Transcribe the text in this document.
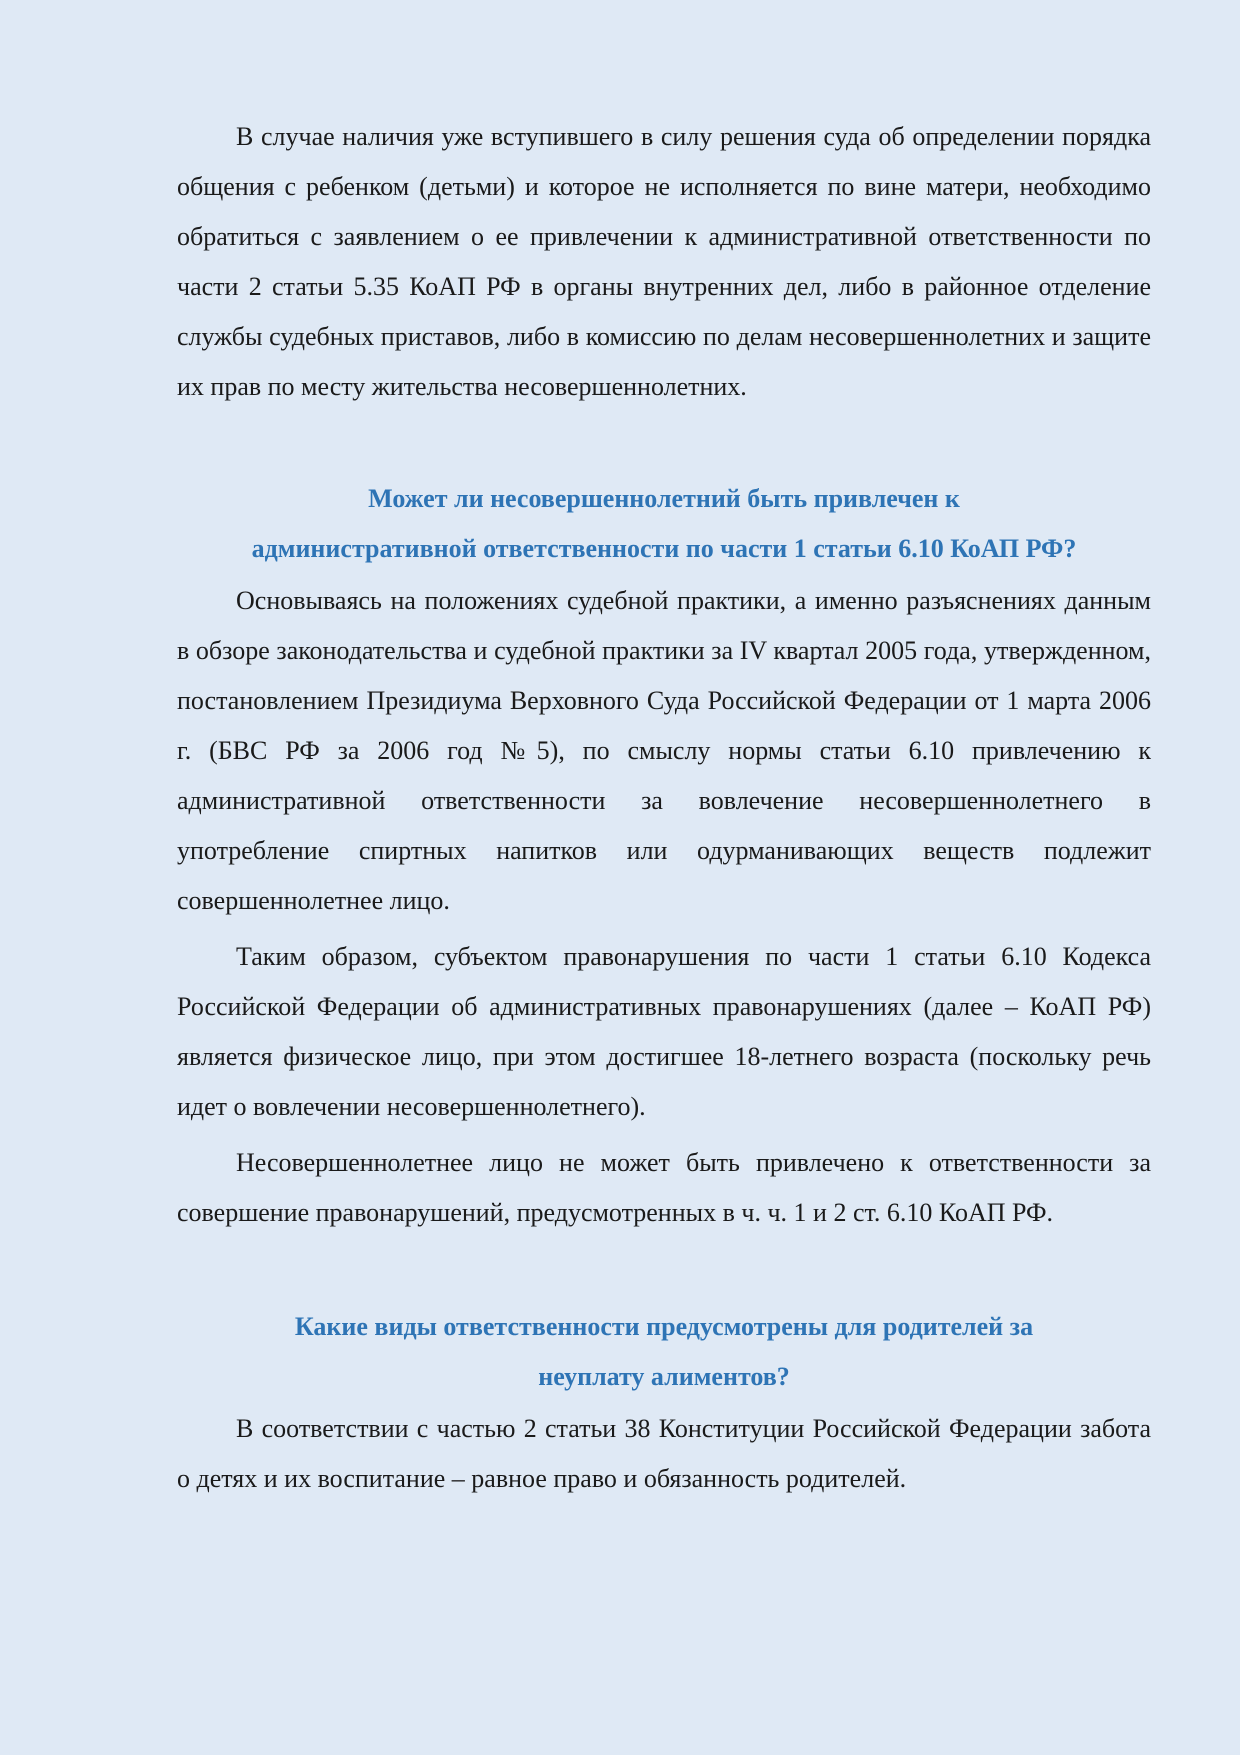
В случае наличия уже вступившего в силу решения суда об определении порядка общения с ребенком (детьми) и которое не исполняется по вине матери, необходимо обратиться с заявлением о ее привлечении к административной ответственности по части 2 статьи 5.35 КоАП РФ в органы внутренних дел, либо в районное отделение службы судебных приставов, либо в комиссию по делам несовершеннолетних и защите их прав по месту жительства несовершеннолетних.

Может ли несовершеннолетний быть привлечен к
административной ответственности по части 1 статьи 6.10 КоАП РФ?

Основываясь на положениях судебной практики, а именно разъяснениях данным в обзоре законодательства и судебной практики за IV квартал 2005 года, утвержденном, постановлением Президиума Верховного Суда Российской Федерации от 1 марта 2006 г. (БВС РФ за 2006 год №5), по смыслу нормы статьи 6.10 привлечению к административной ответственности за вовлечение несовершеннолетнего в употребление спиртных напитков или одурманивающих веществ подлежит совершеннолетнее лицо.

Таким образом, субъектом правонарушения по части 1 статьи 6.10 Кодекса Российской Федерации об административных правонарушениях (далее – КоАП РФ) является физическое лицо, при этом достигшее 18-летнего возраста (поскольку речь идет о вовлечении несовершеннолетнего).

Несовершеннолетнее лицо не может быть привлечено к ответственности за совершение правонарушений, предусмотренных в ч. ч. 1 и 2 ст. 6.10 КоАП РФ.

Какие виды ответственности предусмотрены для родителей за
неуплату алиментов?

В соответствии с частью 2 статьи 38 Конституции Российской Федерации забота о детях и их воспитание – равное право и обязанность родителей.
